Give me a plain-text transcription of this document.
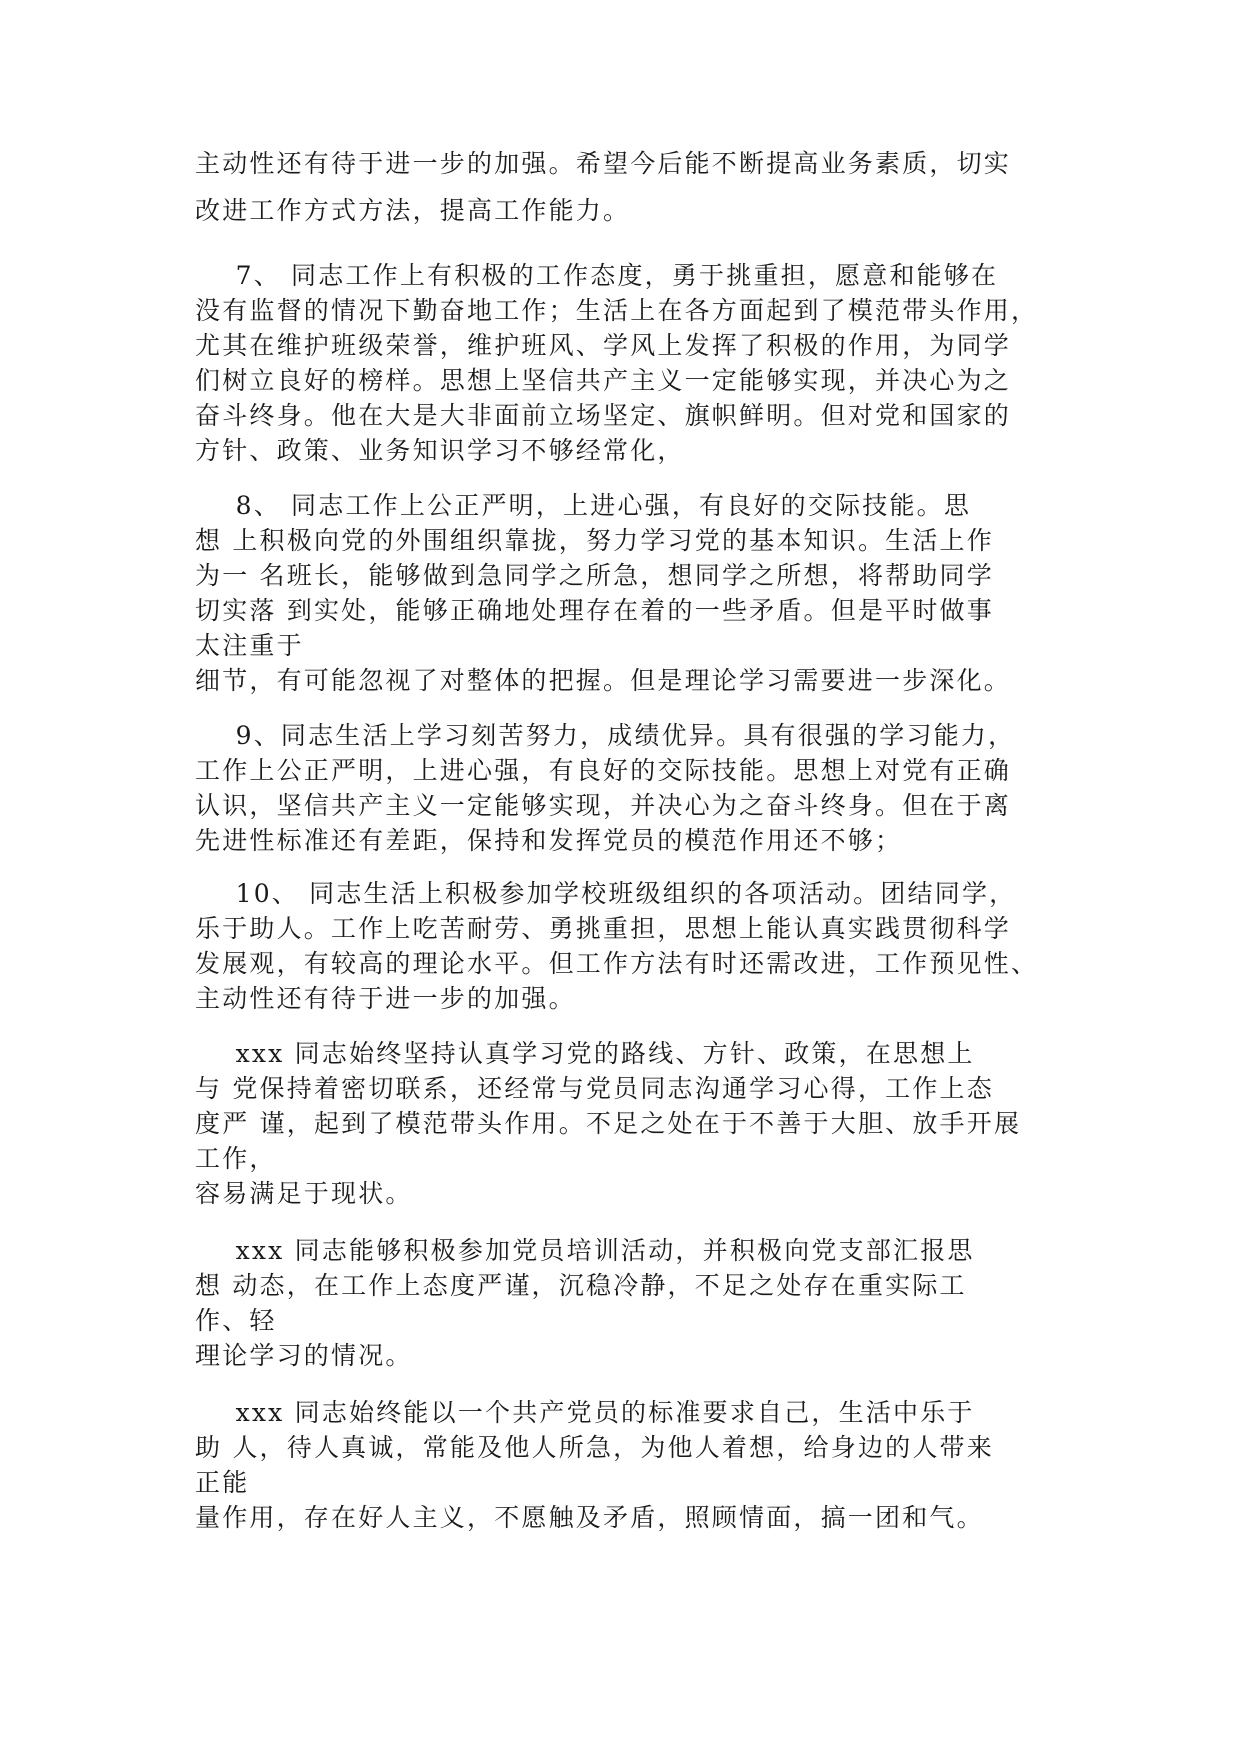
主动性还有待于进一步的加强。希望今后能不断提高业务素质，切实
改进工作方式方法，提高工作能力。
7、 同志工作上有积极的工作态度，勇于挑重担，愿意和能够在
没有监督的情况下勤奋地工作；生活上在各方面起到了模范带头作用，
尤其在维护班级荣誉，维护班风、学风上发挥了积极的作用，为同学
们树立良好的榜样。思想上坚信共产主义一定能够实现，并决心为之
奋斗终身。他在大是大非面前立场坚定、旗帜鲜明。但对党和国家的
方针、政策、业务知识学习不够经常化，
8、 同志工作上公正严明，上进心强，有良好的交际技能。思
想 上积极向党的外围组织靠拢，努力学习党的基本知识。生活上作
为一 名班长，能够做到急同学之所急，想同学之所想，将帮助同学
切实落 到实处，能够正确地处理存在着的一些矛盾。但是平时做事
太注重于
细节，有可能忽视了对整体的把握。但是理论学习需要进一步深化。
9、同志生活上学习刻苦努力，成绩优异。具有很强的学习能力，
工作上公正严明，上进心强，有良好的交际技能。思想上对党有正确
认识，坚信共产主义一定能够实现，并决心为之奋斗终身。但在于离
先进性标准还有差距，保持和发挥党员的模范作用还不够；
10、 同志生活上积极参加学校班级组织的各项活动。团结同学，
乐于助人。工作上吃苦耐劳、勇挑重担，思想上能认真实践贯彻科学
发展观，有较高的理论水平。但工作方法有时还需改进，工作预见性、
主动性还有待于进一步的加强。
xxx 同志始终坚持认真学习党的路线、方针、政策，在思想上
与 党保持着密切联系，还经常与党员同志沟通学习心得，工作上态
度严 谨，起到了模范带头作用。不足之处在于不善于大胆、放手开展
工作，
容易满足于现状。
xxx 同志能够积极参加党员培训活动，并积极向党支部汇报思
想 动态，在工作上态度严谨，沉稳冷静，不足之处存在重实际工
作、轻
理论学习的情况。
xxx 同志始终能以一个共产党员的标准要求自己，生活中乐于
助 人，待人真诚，常能及他人所急，为他人着想，给身边的人带来
正能
量作用，存在好人主义，不愿触及矛盾，照顾情面，搞一团和气。
